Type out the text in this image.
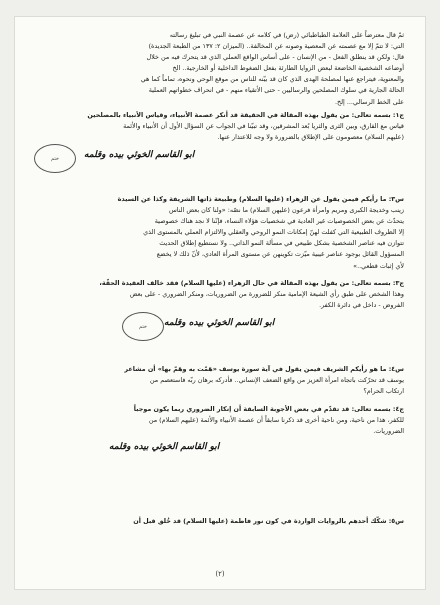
ثمّ قال معترضاً على العلامة الطباطبائي (رض) في كلامه عن عصمة النبي في تبليغ رسالته

التي: لا تتمّ إلا مع عصمته عن المعصية وصونه عن المخالفة.. (الميزان ٢: ١٣٧ من الطبعة الجديدة)

قال: ولكن قد ينطلق الفعل - من الإنسان - على أساس الواقع العملي الذي قد يتحرك فيه من خلال

أوضاعه الشخصية الخاضعة لبعض الزوايا الطارئة بفعل الضغوط الداخلية أو الخارجية.. الخ

والمعنوية، فيتراجع عنها لمصلحة الهدى الذي كان قد بيّنه للناس من موقع الوحي ونحوه، تماماً كما هي

الحالة الجارية في سلوك المصلحين والرساليين - حتى الأتقياء منهم - في انحراف خطواتهم العملية

على الخط الرسالي... إلخ.

ج١: بسمه تعالى: من يقول بهذه المقالة في الحقيقة قد أنكر عصمة الأنبياء، وقياس الأنبياء بالمصلحين

قياس مع الفارق، وبين الثرى والثريا بُعد المشرقين، وقد تبيّنا في الجواب عن السؤال الأول أن الأنبياء والأئمة

(عليهم السلام) معصومون على الإطلاق بالضرورة ولا وجه للاعتذار عنها.

ابو القاسم الخوئي بيده وقلمه
ختم

س٣: ما رأيكم فيمن يقول عن الزهراء (عليها السلام) وطبيعة ذاتها الشريفة وكذا عن السيدة

زينب وخديجة الكبرى ومريم وامرأة فرعون (عليهن السلام) ما نصّه: «ولنا كان بعض الناس

يتحدّث عن بعض الخصوصيات غير العادية في شخصيات هؤلاء النساء، فإنّنا لا نجد هناك خصوصية

إلا الظروف الطبيعية التي كفلت لهنّ إمكانات النمو الروحي والعقلي والالتزام العملي بالمستوى الذي

تتوازن فيه عناصر الشخصية بشكل طبيعي في مسألة النمو الذاتي.. ولا نستطيع إطلاق الحديث

المسؤول القائل بوجود عناصر غيبية ميّزت تكوينهن عن مستوى المرأة العادي، لأنّ ذلك لا يخضع

لأي إثبات قطعي..»

ج٣: بسمه تعالى: من يقول بهذه المقالة في حال الزهراء (عليها السلام) فقد خالف العقيدة الحقّة،

وهذا الشخص على طبق رأي الشيعة الإمامية منكر للضرورة من الضروريات، ومنكر الضروري - على بعض

الفروض - داخل في دائرة الكفر.

ابو القاسم الخوئي بيده وقلمه
ختم

س٤: ما هو رأيكم الشريف فيمن يقول في آية سورة يوسف «هَمّت به وهَمّ بها» أن مشاعر

يوسف قد تحرّكت باتجاه امرأة العزيز من واقع الضعف الإنساني.. فأدركه برهان ربّه فاستعصم من

ارتكاب الحرام؟

ج٤: بسمه تعالى: قد تقدّم في بعض الأجوبة السابقة أن إنكار الضروري ربما يكون موجباً

للكفر، هذا من ناحية، ومن ناحية أخرى قد ذكرنا سابقاً أن عصمة الأنبياء والأئمة (عليهم السلام) من

الضروريات.

ابو القاسم الخوئي بيده وقلمه

س٥: شكّك أحدهم بالروايات الواردة في كون نور فاطمة (عليها السلام) قد خُلق قبل أن

(٢)
